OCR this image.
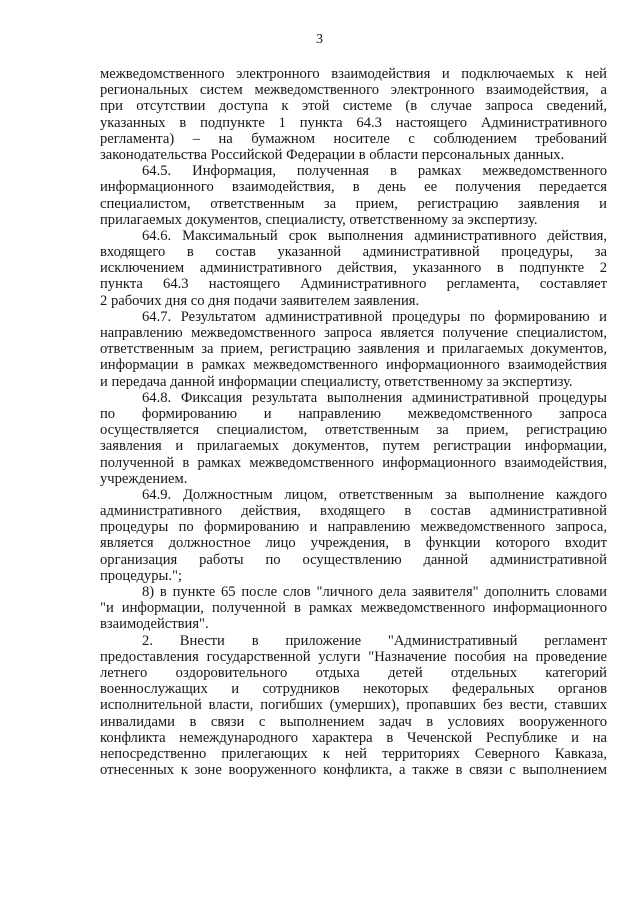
3
межведомственного электронного взаимодействия и подключаемых к ней
региональных систем межведомственного электронного взаимодействия, а
при отсутствии доступа к этой системе (в случае запроса сведений,
указанных в подпункте 1 пункта 64.3 настоящего Административного
регламента) – на бумажном носителе с соблюдением требований
законодательства Российской Федерации в области персональных данных.
64.5. Информация, полученная в рамках межведомственного
информационного взаимодействия, в день ее получения передается
специалистом, ответственным за прием, регистрацию заявления и
прилагаемых документов, специалисту, ответственному за экспертизу.
64.6. Максимальный срок выполнения административного действия,
входящего в состав указанной административной процедуры, за
исключением административного действия, указанного в подпункте 2
пункта 64.3 настоящего Административного регламента, составляет
2 рабочих дня со дня подачи заявителем заявления.
64.7. Результатом административной процедуры по формированию и
направлению межведомственного запроса является получение специалистом,
ответственным за прием, регистрацию заявления и прилагаемых документов,
информации в рамках межведомственного информационного взаимодействия
и передача данной информации специалисту, ответственному за экспертизу.
64.8. Фиксация результата выполнения административной процедуры
по формированию и направлению межведомственного запроса
осуществляется специалистом, ответственным за прием, регистрацию
заявления и прилагаемых документов, путем регистрации информации,
полученной в рамках межведомственного информационного взаимодействия,
учреждением.
64.9. Должностным лицом, ответственным за выполнение каждого
административного действия, входящего в состав административной
процедуры по формированию и направлению межведомственного запроса,
является должностное лицо учреждения, в функции которого входит
организация работы по осуществлению данной административной
процедуры.";
8) в пункте 65 после слов "личного дела заявителя" дополнить словами
"и информации, полученной в рамках межведомственного информационного
взаимодействия".
2. Внести в приложение "Административный регламент
предоставления государственной услуги "Назначение пособия на проведение
летнего оздоровительного отдыха детей отдельных категорий
военнослужащих и сотрудников некоторых федеральных органов
исполнительной власти, погибших (умерших), пропавших без вести, ставших
инвалидами в связи с выполнением задач в условиях вооруженного
конфликта немеждународного характера в Чеченской Республике и на
непосредственно прилегающих к ней территориях Северного Кавказа,
отнесенных к зоне вооруженного конфликта, а также в связи с выполнением
